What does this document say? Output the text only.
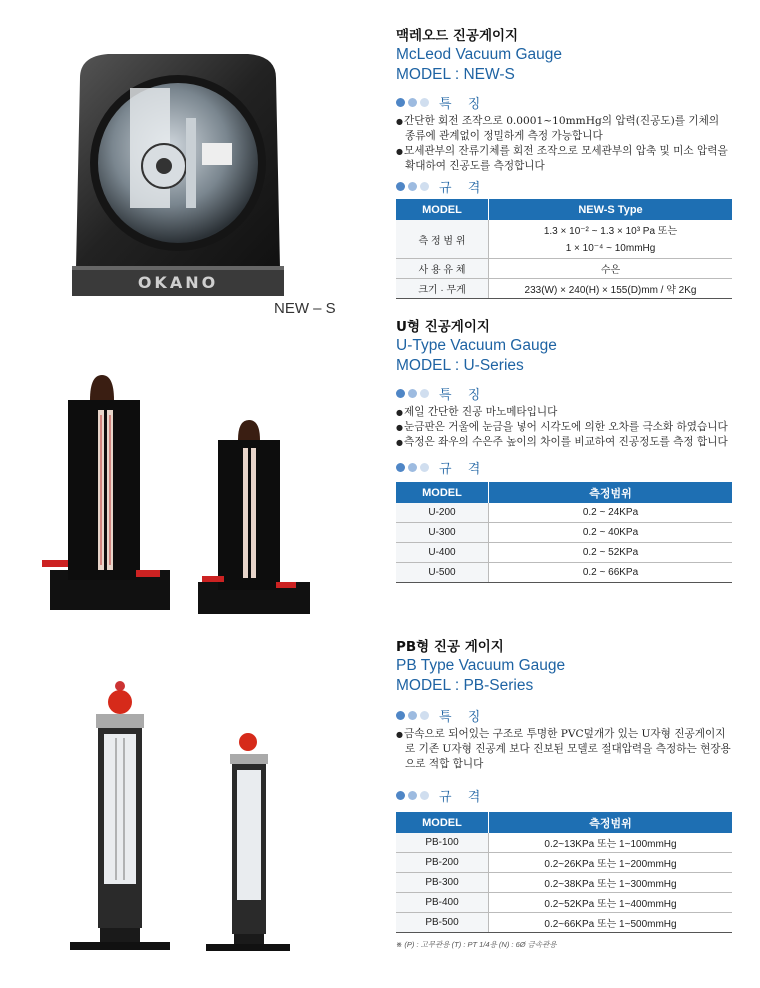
OKANO
NEW – S
맥레오드 진공게이지
McLeod Vacuum Gauge
MODEL : NEW-S
특 징
● 간단한 회전 조작으로 0.0001~10mmHg의 압력(진공도)를 기체의 종류에 관계없이 정밀하게 측정 가능합니다
● 모세관부의 잔류기체를 회전 조작으로 모세관부의 압축 및 미소 압력을 확대하여 진공도를 측정합니다
규 격
MODEL	NEW-S Type
측 정 범 위	1.3 × 10⁻² ~ 1.3 × 10³ Pa 또는
	1 × 10⁻⁴ ~ 10mmHg
사 용 유 체	수은
크기 · 무게	233(W) × 240(H) × 155(D)mm / 약 2Kg
U형 진공게이지
U-Type Vacuum Gauge
MODEL : U-Series
특 징
● 제일 간단한 진공 마노메타입니다
● 눈금판은 거울에 눈금을 넣어 시각도에 의한 오차를 극소화 하였습니다
● 측정은 좌우의 수은주 높이의 차이를 비교하여 진공정도를 측정 합니다
규 격
MODEL	측정범위
U-200	0.2 ~ 24KPa
U-300	0.2 ~ 40KPa
U-400	0.2 ~ 52KPa
U-500	0.2 ~ 66KPa
PB형 진공 게이지
PB Type Vacuum Gauge
MODEL : PB-Series
특 징
● 금속으로 되어있는 구조로 투명한 PVC덮개가 있는 U자형 진공게이지로 기존 U자형 진공계 보다 진보된 모델로 절대압력을 측정하는 현장용으로 적합 합니다
규 격
MODEL	측정범위
PB-100	0.2~13KPa 또는 1~100mmHg
PB-200	0.2~26KPa 또는 1~200mmHg
PB-300	0.2~38KPa 또는 1~300mmHg
PB-400	0.2~52KPa 또는 1~400mmHg
PB-500	0.2~66KPa 또는 1~500mmHg
※ (P) : 고무관용 (T) : PT 1/4용 (N) : 6Ø 금속관용
